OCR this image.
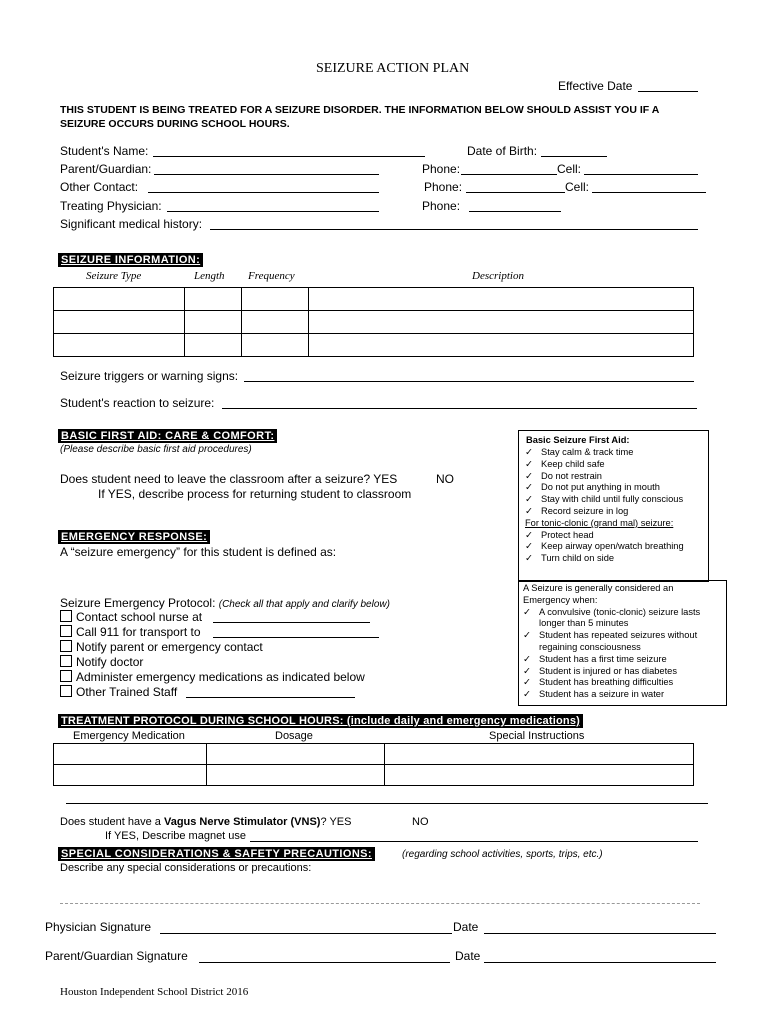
SEIZURE ACTION PLAN
Effective Date
THIS STUDENT IS BEING TREATED FOR A SEIZURE DISORDER. THE INFORMATION BELOW SHOULD ASSIST YOU IF A
SEIZURE OCCURS DURING SCHOOL HOURS.
Student's Name:	Date of Birth:
Parent/Guardian:	Phone:	Cell:
Other Contact:	Phone:	Cell:
Treating Physician:	Phone:
Significant medical history:
SEIZURE INFORMATION:
Seizure Type	Length Frequency	Description

Seizure triggers or warning signs:
Student's reaction to seizure:
BASIC FIRST AID: CARE & COMFORT:
(Please describe basic first aid procedures)
Does student need to leave the classroom after a seizure? YES	NO
If YES, describe process for returning student to classroom
EMERGENCY RESPONSE:
A “seizure emergency” for this student is defined as:
Seizure Emergency Protocol: (Check all that apply and clarify below)
Contact school nurse at
Call 911 for transport to
Notify parent or emergency contact
Notify doctor
Administer emergency medications as indicated below
Other Trained Staff
Basic Seizure First Aid:
✓ Stay calm & track time
✓ Keep child safe
✓ Do not restrain
✓ Do not put anything in mouth
✓ Stay with child until fully conscious
✓ Record seizure in log
For tonic-clonic (grand mal) seizure:
✓ Protect head
✓ Keep airway open/watch breathing
✓ Turn child on side
A Seizure is generally considered an
Emergency when:
✓ A convulsive (tonic-clonic) seizure lasts
longer than 5 minutes
✓ Student has repeated seizures without
regaining consciousness
✓ Student has a first time seizure
✓ Student is injured or has diabetes
✓ Student has breathing difficulties
✓ Student has a seizure in water
TREATMENT PROTOCOL DURING SCHOOL HOURS: (include daily and emergency medications)
Emergency Medication	Dosage	Special Instructions

Does student have a Vagus Nerve Stimulator (VNS)? YES	NO
If YES, Describe magnet use
SPECIAL CONSIDERATIONS & SAFETY PRECAUTIONS:	(regarding school activities, sports, trips, etc.)
Describe any special considerations or precautions:
Physician Signature	Date
Parent/Guardian Signature	Date
Houston Independent School District 2016
